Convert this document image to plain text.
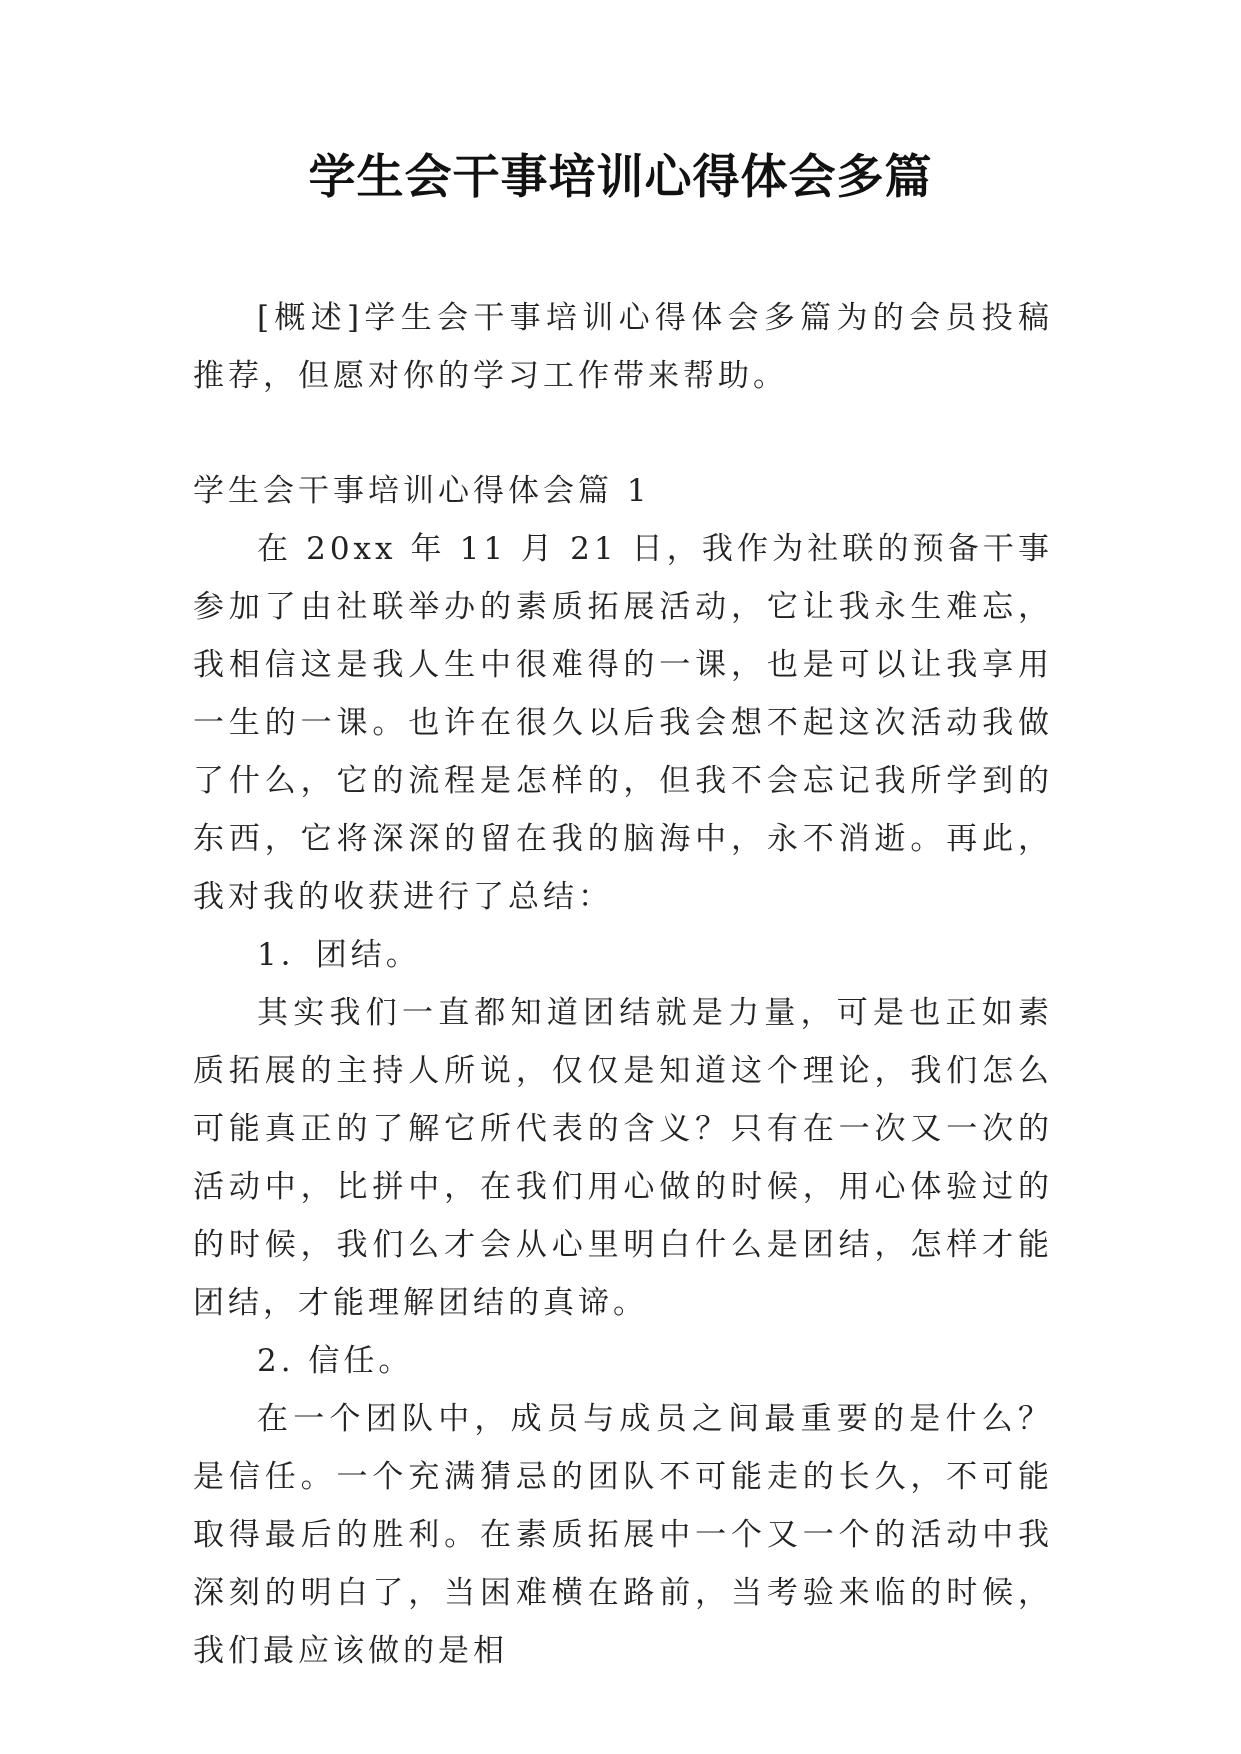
学生会干事培训心得体会多篇

[概述]学生会干事培训心得体会多篇为的会员投稿推荐，但愿对你的学习工作带来帮助。

学生会干事培训心得体会篇 1

在 20xx 年 11 月 21 日，我作为社联的预备干事参加了由社联举办的素质拓展活动，它让我永生难忘，我相信这是我人生中很难得的一课，也是可以让我享用一生的一课。也许在很久以后我会想不起这次活动我做了什么，它的流程是怎样的，但我不会忘记我所学到的东西，它将深深的留在我的脑海中，永不消逝。再此，我对我的收获进行了总结：

1．团结。

其实我们一直都知道团结就是力量，可是也正如素质拓展的主持人所说，仅仅是知道这个理论，我们怎么可能真正的了解它所代表的含义？只有在一次又一次的活动中，比拼中，在我们用心做的时候，用心体验过的的时候，我们么才会从心里明白什么是团结，怎样才能团结，才能理解团结的真谛。

2. 信任。

在一个团队中，成员与成员之间最重要的是什么？是信任。一个充满猜忌的团队不可能走的长久，不可能取得最后的胜利。在素质拓展中一个又一个的活动中我深刻的明白了，当困难横在路前，当考验来临的时候，我们最应该做的是相
